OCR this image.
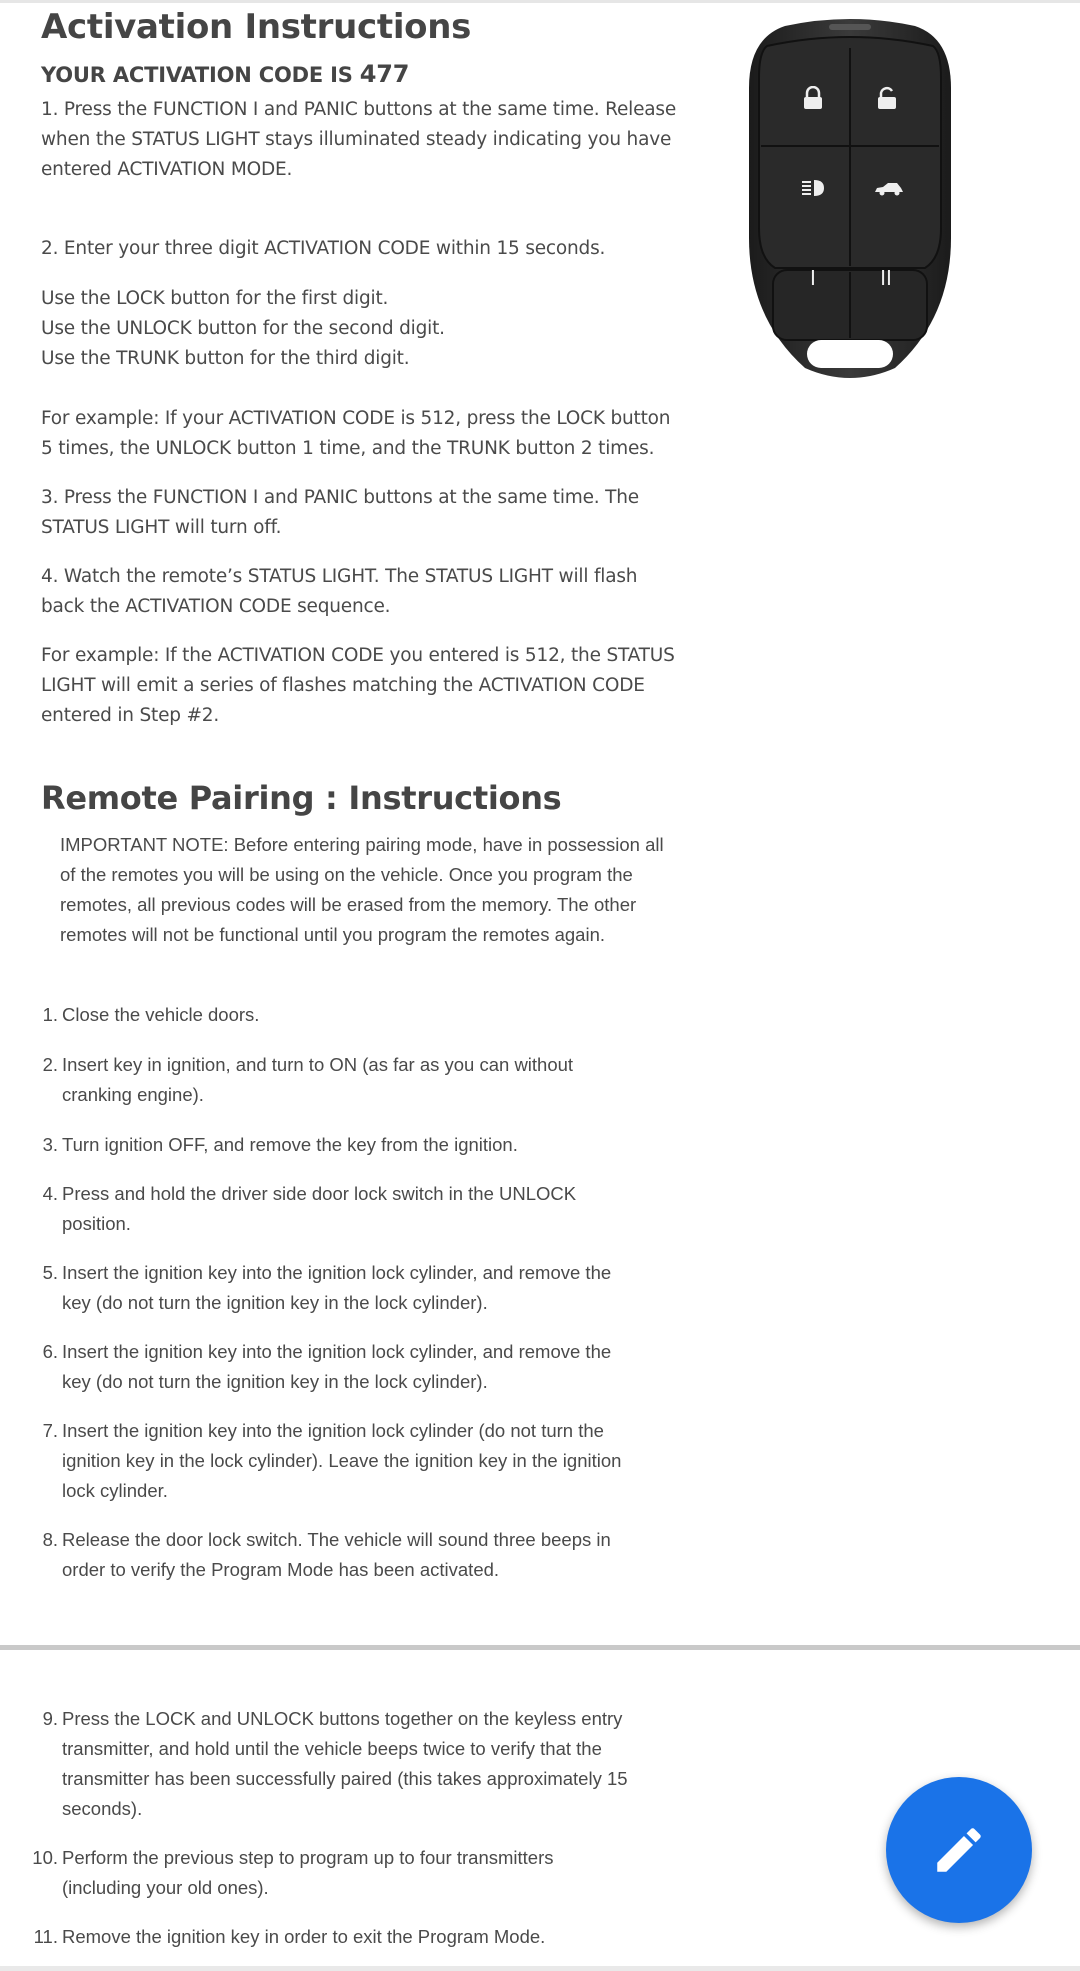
Activation Instructions
YOUR ACTIVATION CODE IS 477
1. Press the FUNCTION I and PANIC buttons at the same time. Release when the STATUS LIGHT stays illuminated steady indicating you have entered ACTIVATION MODE.
2. Enter your three digit ACTIVATION CODE within 15 seconds.
Use the LOCK button for the first digit.
Use the UNLOCK button for the second digit.
Use the TRUNK button for the third digit.
For example: If your ACTIVATION CODE is 512, press the LOCK button 5 times, the UNLOCK button 1 time, and the TRUNK button 2 times.
3. Press the FUNCTION I and PANIC buttons at the same time. The STATUS LIGHT will turn off.
4. Watch the remote’s STATUS LIGHT. The STATUS LIGHT will flash back the ACTIVATION CODE sequence.
For example: If the ACTIVATION CODE you entered is 512, the STATUS LIGHT will emit a series of flashes matching the ACTIVATION CODE entered in Step #2.
I	II
Remote Pairing : Instructions
IMPORTANT NOTE: Before entering pairing mode, have in possession all of the remotes you will be using on the vehicle. Once you program the remotes, all previous codes will be erased from the memory. The other remotes will not be functional until you program the remotes again.
1. Close the vehicle doors.
2. Insert key in ignition, and turn to ON (as far as you can without cranking engine).
3. Turn ignition OFF, and remove the key from the ignition.
4. Press and hold the driver side door lock switch in the UNLOCK position.
5. Insert the ignition key into the ignition lock cylinder, and remove the key (do not turn the ignition key in the lock cylinder).
6. Insert the ignition key into the ignition lock cylinder, and remove the key (do not turn the ignition key in the lock cylinder).
7. Insert the ignition key into the ignition lock cylinder (do not turn the ignition key in the lock cylinder). Leave the ignition key in the ignition lock cylinder.
8. Release the door lock switch. The vehicle will sound three beeps in order to verify the Program Mode has been activated.
9. Press the LOCK and UNLOCK buttons together on the keyless entry transmitter, and hold until the vehicle beeps twice to verify that the transmitter has been successfully paired (this takes approximately 15 seconds).
10. Perform the previous step to program up to four transmitters (including your old ones).
11. Remove the ignition key in order to exit the Program Mode.
